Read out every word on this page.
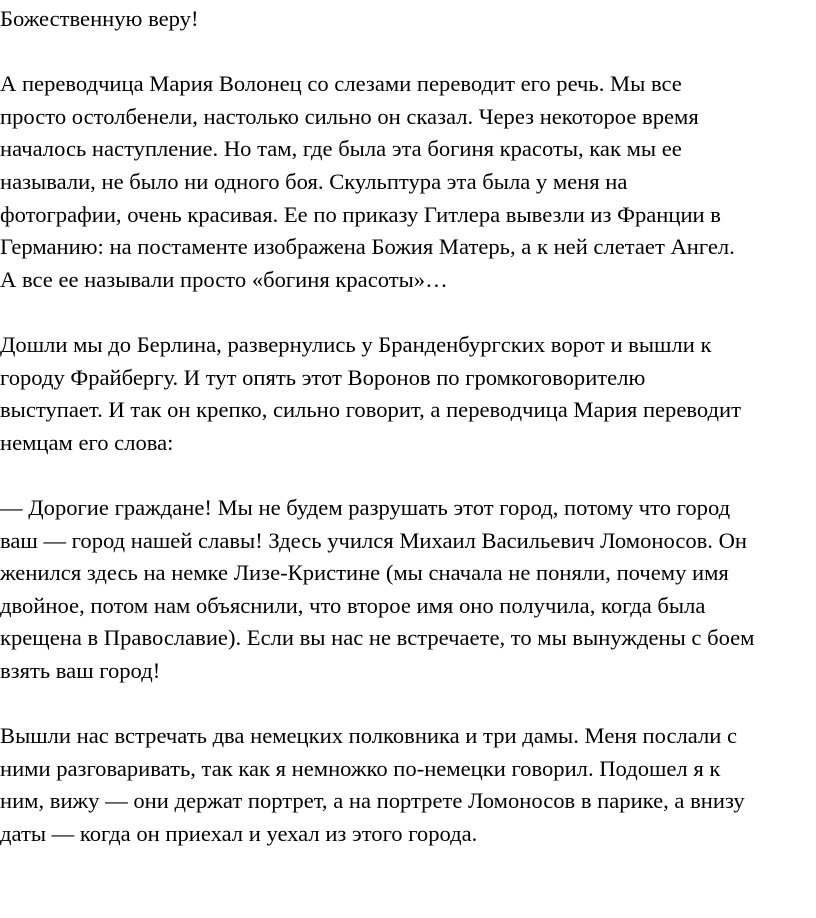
Божественную веру!

А переводчица Мария Волонец со слезами переводит его речь. Мы все
просто остолбенели, настолько сильно он сказал. Через некоторое время
началось наступление. Но там, где была эта богиня красоты, как мы ее
называли, не было ни одного боя. Скульптура эта была у меня на
фотографии, очень красивая. Ее по приказу Гитлера вывезли из Франции в
Германию: на постаменте изображена Божия Матерь, а к ней слетает Ангел.
А все ее называли просто «богиня красоты»…

Дошли мы до Берлина, развернулись у Бранденбургских ворот и вышли к
городу Фрайбергу. И тут опять этот Воронов по громкоговорителю
выступает. И так он крепко, сильно говорит, а переводчица Мария переводит
немцам его слова:

— Дорогие граждане! Мы не будем разрушать этот город, потому что город
ваш — город нашей славы! Здесь учился Михаил Васильевич Ломоносов. Он
женился здесь на немке Лизе-Кристине (мы сначала не поняли, почему имя
двойное, потом нам объяснили, что второе имя оно получила, когда была
крещена в Православие). Если вы нас не встречаете, то мы вынуждены с боем
взять ваш город!

Вышли нас встречать два немецких полковника и три дамы. Меня послали с
ними разговаривать, так как я немножко по-немецки говорил. Подошел я к
ним, вижу — они держат портрет, а на портрете Ломоносов в парике, а внизу
даты — когда он приехал и уехал из этого города.
